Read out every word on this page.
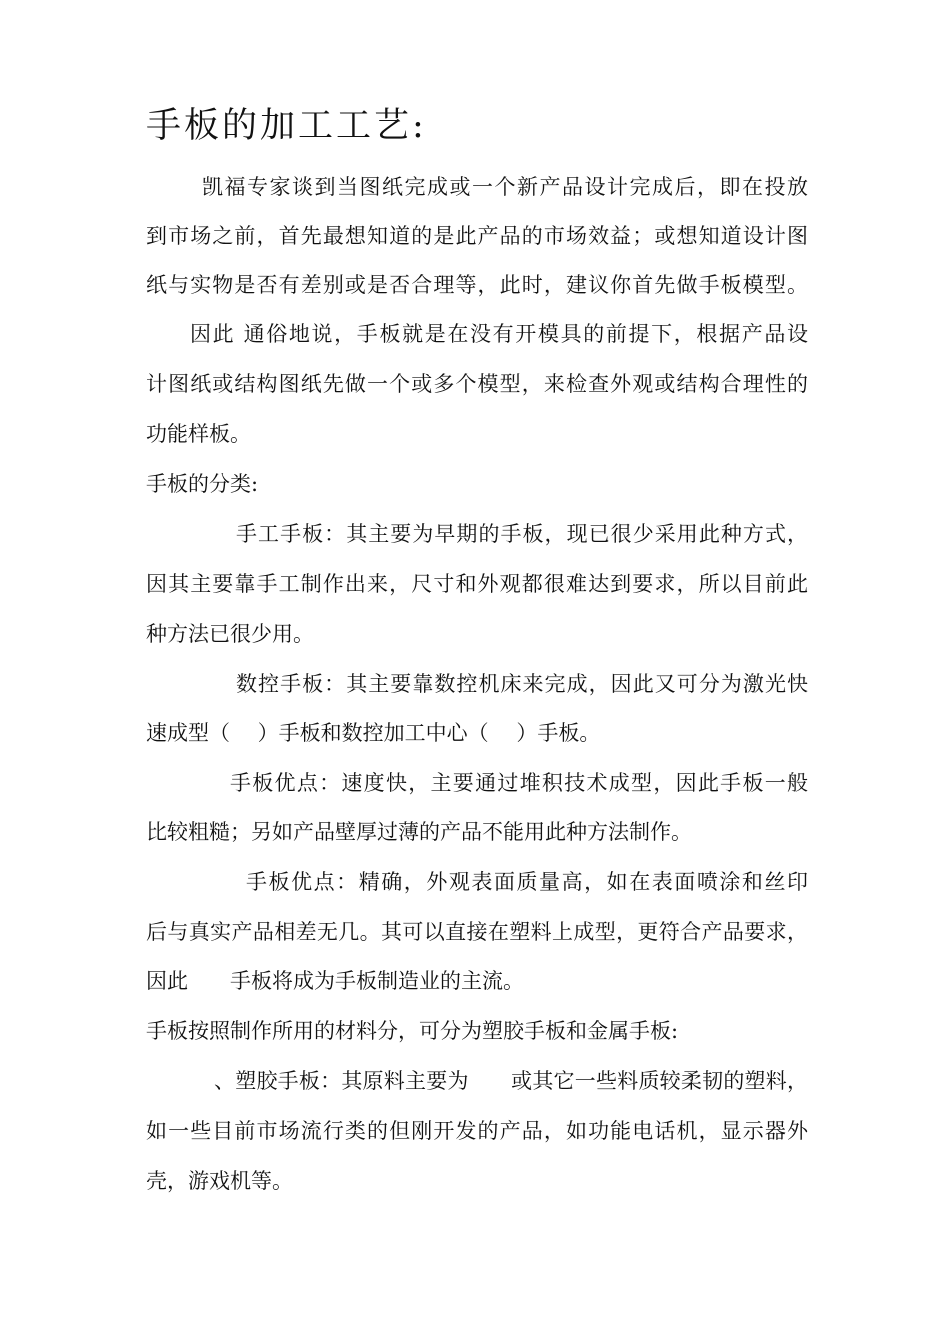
手板的加工工艺:
凯福专家谈到当图纸完成或一个新产品设计完成后，即在投放
到市场之前，首先最想知道的是此产品的市场效益；或想知道设计图
纸与实物是否有差别或是否合理等，此时，建议你首先做手板模型。
因此 通俗地说，手板就是在没有开模具的前提下，根据产品设
计图纸或结构图纸先做一个或多个模型，来检查外观或结构合理性的
功能样板。
手板的分类:
手工手板：其主要为早期的手板，现已很少采用此种方式，
因其主要靠手工制作出来，尺寸和外观都很难达到要求，所以目前此
种方法已很少用。
数控手板：其主要靠数控机床来完成，因此又可分为激光快
速成型（　 ）手板和数控加工中心（　 ）手板。
手板优点：速度快，主要通过堆积技术成型，因此手板一般
比较粗糙；另如产品壁厚过薄的产品不能用此种方法制作。
手板优点：精确，外观表面质量高，如在表面喷涂和丝印
后与真实产品相差无几。其可以直接在塑料上成型，更符合产品要求，
因此　　手板将成为手板制造业的主流。
手板按照制作所用的材料分，可分为塑胶手板和金属手板:
、塑胶手板：其原料主要为　　或其它一些料质较柔韧的塑料，
如一些目前市场流行类的但刚开发的产品，如功能电话机，显示器外
壳，游戏机等。
